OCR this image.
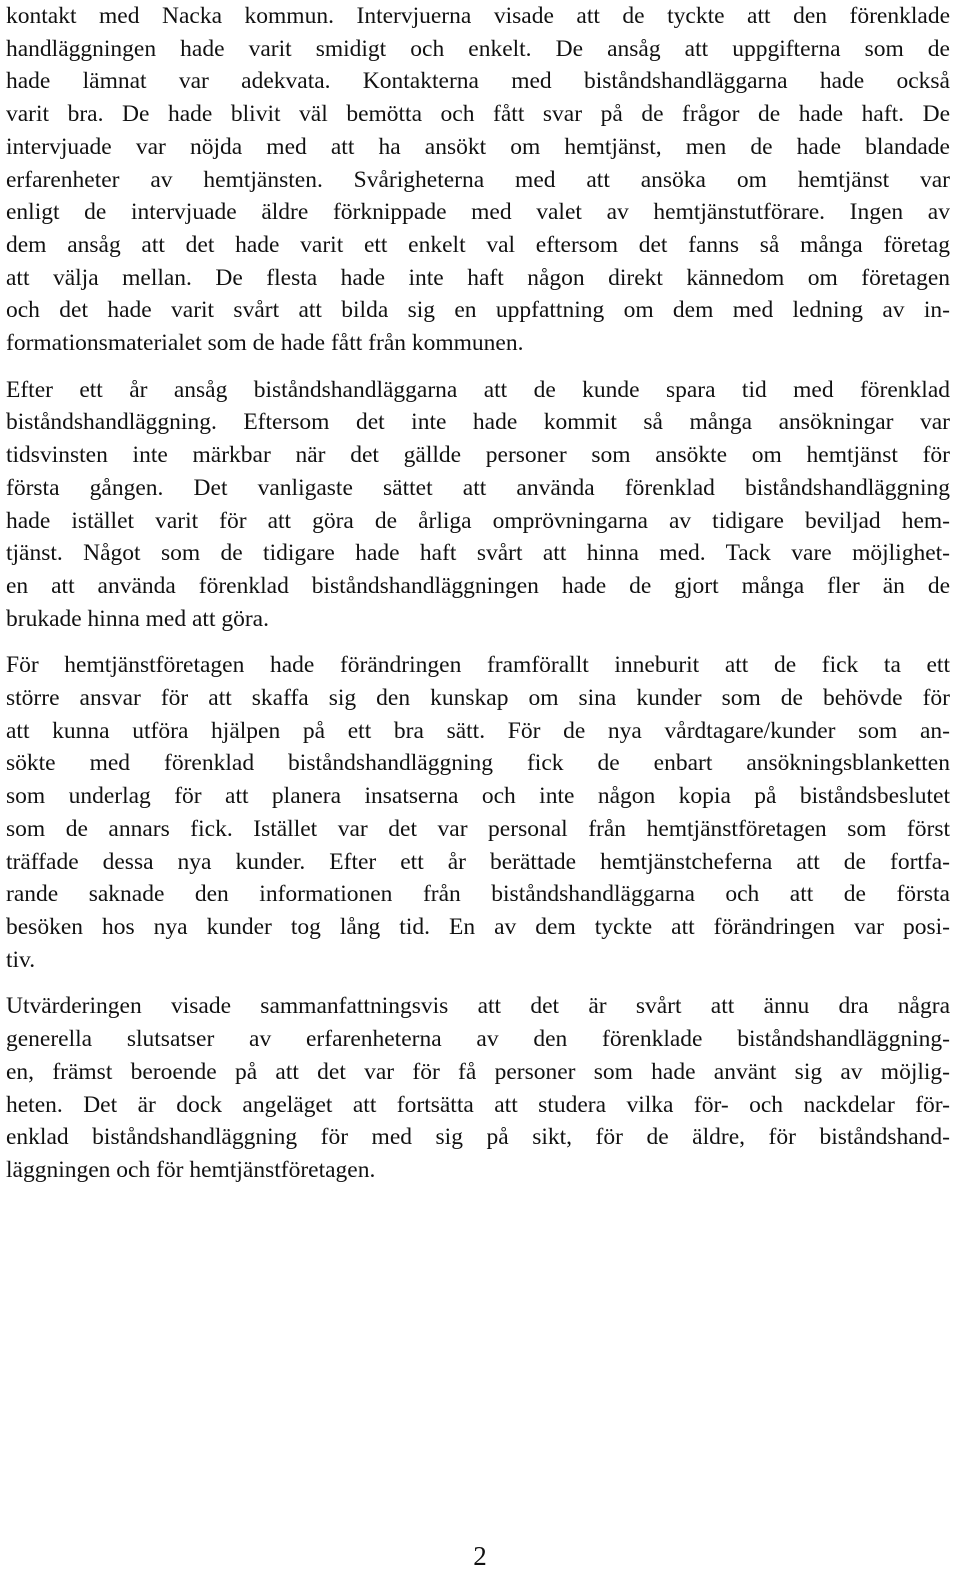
kontakt med Nacka kommun. Intervjuerna visade att de tyckte att den förenklade
handläggningen hade varit smidigt och enkelt. De ansåg att uppgifterna som de
hade lämnat var adekvata. Kontakterna med biståndshandläggarna hade också
varit bra. De hade blivit väl bemötta och fått svar på de frågor de hade haft. De
intervjuade var nöjda med att ha ansökt om hemtjänst, men de hade blandade
erfarenheter av hemtjänsten. Svårigheterna med att ansöka om hemtjänst var
enligt de intervjuade äldre förknippade med valet av hemtjänstutförare. Ingen av
dem ansåg att det hade varit ett enkelt val eftersom det fanns så många företag
att välja mellan. De flesta hade inte haft någon direkt kännedom om företagen
och det hade varit svårt att bilda sig en uppfattning om dem med ledning av in-
formationsmaterialet som de hade fått från kommunen.

Efter ett år ansåg biståndshandläggarna att de kunde spara tid med förenklad
biståndshandläggning. Eftersom det inte hade kommit så många ansökningar var
tidsvinsten inte märkbar när det gällde personer som ansökte om hemtjänst för
första gången. Det vanligaste sättet att använda förenklad biståndshandläggning
hade istället varit för att göra de årliga omprövningarna av tidigare beviljad hem-
tjänst. Något som de tidigare hade haft svårt att hinna med. Tack vare möjlighet-
en att använda förenklad biståndshandläggningen hade de gjort många fler än de
brukade hinna med att göra.

För hemtjänstföretagen hade förändringen framförallt inneburit att de fick ta ett
större ansvar för att skaffa sig den kunskap om sina kunder som de behövde för
att kunna utföra hjälpen på ett bra sätt. För de nya vårdtagare/kunder som an-
sökte med förenklad biståndshandläggning fick de enbart ansökningsblanketten
som underlag för att planera insatserna och inte någon kopia på biståndsbeslutet
som de annars fick. Istället var det var personal från hemtjänstföretagen som först
träffade dessa nya kunder. Efter ett år berättade hemtjänstcheferna att de fortfa-
rande saknade den informationen från biståndshandläggarna och att de första
besöken hos nya kunder tog lång tid. En av dem tyckte att förändringen var posi-
tiv.

Utvärderingen visade sammanfattningsvis att det är svårt att ännu dra några
generella slutsatser av erfarenheterna av den förenklade biståndshandläggning-
en, främst beroende på att det var för få personer som hade använt sig av möjlig-
heten. Det är dock angeläget att fortsätta att studera vilka för- och nackdelar för-
enklad biståndshandläggning för med sig på sikt, för de äldre, för biståndshand-
läggningen och för hemtjänstföretagen.

2
